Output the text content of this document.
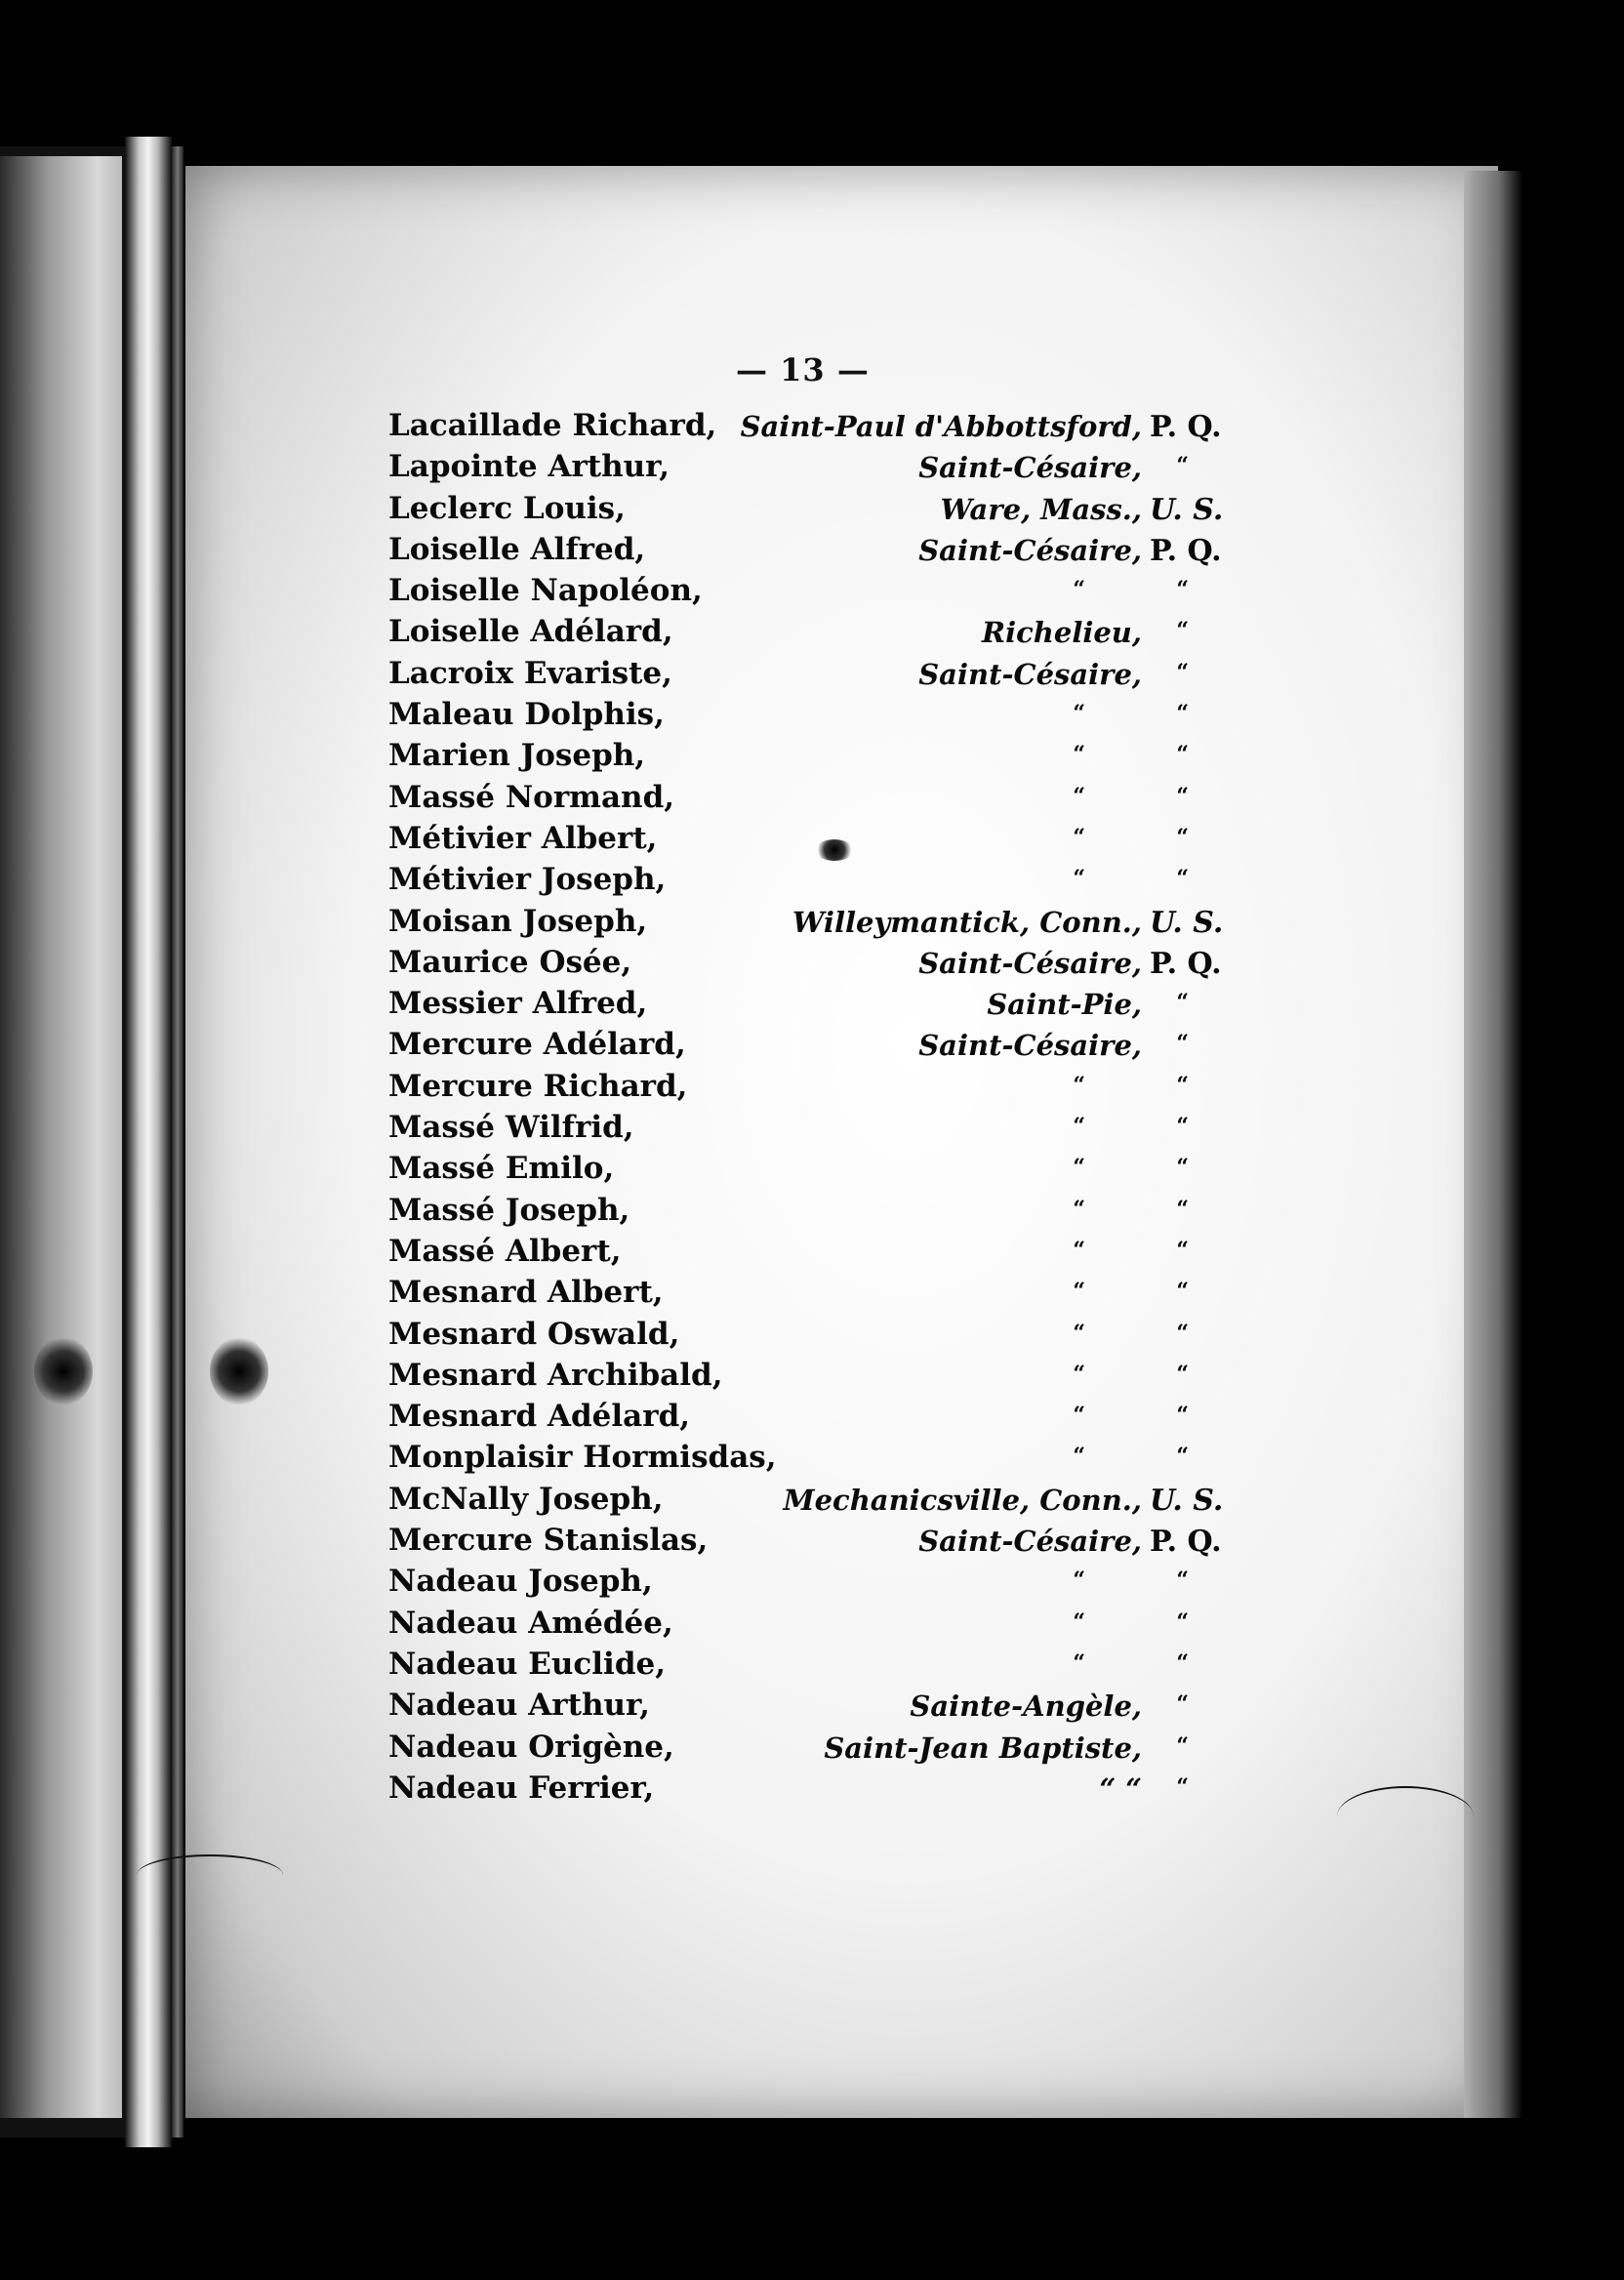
— 13 —
Lacaillade Richard, Saint-Paul d'Abbottsford, P. Q.
Lapointe Arthur,	Saint-Césaire, “
Leclerc Louis,	Ware, Mass., U. S.
Loiselle Alfred,	Saint-Césaire, P. Q.
Loiselle Napoléon,	“	“
Loiselle Adélard,	Richelieu, “
Lacroix Evariste,	Saint-Césaire, “
Maleau Dolphis,	“	“
Marien Joseph,	“	“
Massé Normand,	“	“
Métivier Albert,	“	“
Métivier Joseph,	“	“
Moisan Joseph,	Willeymantick, Conn., U. S.
Maurice Osée,	Saint-Césaire, P. Q.
Messier Alfred,	Saint-Pie, “
Mercure Adélard,	Saint-Césaire, “
Mercure Richard,	“	“
Massé Wilfrid,	“	“
Massé Emilo,	“	“
Massé Joseph,	“	“
Massé Albert,	“	“
Mesnard Albert,	“	“
Mesnard Oswald,	“	“
Mesnard Archibald,	“	“
Mesnard Adélard,	“	“
Monplaisir Hormisdas,	“	“
McNally Joseph,	Mechanicsville, Conn., U. S.
Mercure Stanislas,	Saint-Césaire, P. Q.
Nadeau Joseph,	“	“
Nadeau Amédée,	“	“
Nadeau Euclide,	“	“
Nadeau Arthur,	Sainte-Angèle, “
Nadeau Origène,	Saint-Jean Baptiste, “
Nadeau Ferrier,	“ “ “
